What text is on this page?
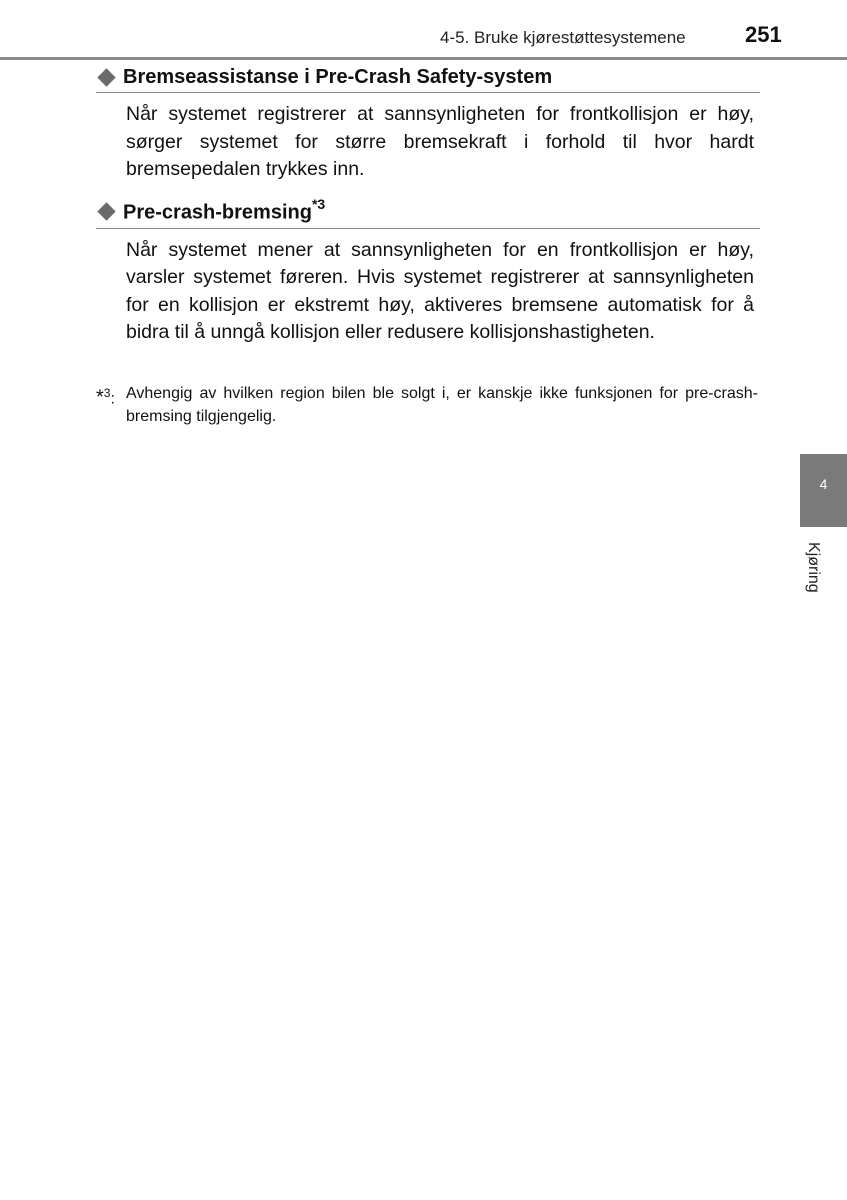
4-5. Bruke kjørestøttesystemene	251
Bremseassistanse i Pre-Crash Safety-system

Når systemet registrerer at sannsynligheten for frontkollisjon er høy, sørger systemet for større bremsekraft i forhold til hvor hardt bremsepedalen trykkes inn.

Pre-crash-bremsing$^{*3}$

Når systemet mener at sannsynligheten for en frontkollisjon er høy, varsler systemet føreren. Hvis systemet registrerer at sannsynligheten for en kollisjon er ekstremt høy, aktiveres bremsene automatisk for å bidra til å unngå kollisjon eller redusere kollisjonshastigheten.

*$^3$: Avhengig av hvilken region bilen ble solgt i, er kanskje ikke funksjonen for pre-crash-bremsing tilgjengelig.
4
Kjøring
